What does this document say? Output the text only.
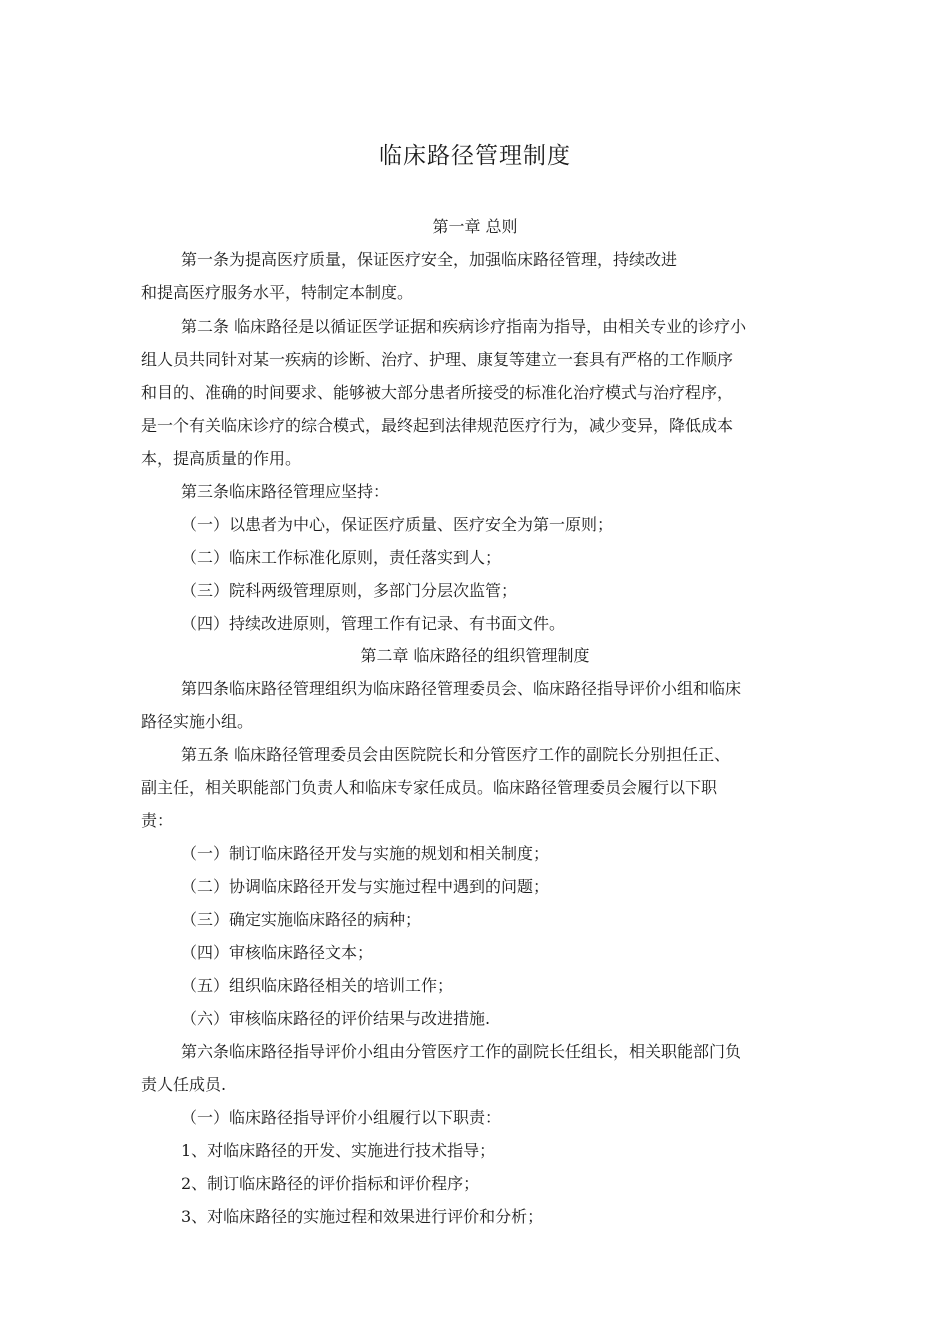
临床路径管理制度
第一章 总则
第一条为提高医疗质量，保证医疗安全，加强临床路径管理，持续改进
和提高医疗服务水平，特制定本制度。
第二条 临床路径是以循证医学证据和疾病诊疗指南为指导，由相关专业的诊疗小
组人员共同针对某一疾病的诊断、治疗、护理、康复等建立一套具有严格的工作顺序
和目的、准确的时间要求、能够被大部分患者所接受的标准化治疗模式与治疗程序，
是一个有关临床诊疗的综合模式，最终起到法律规范医疗行为，减少变异，降低成本
本，提高质量的作用。
第三条临床路径管理应坚持：
（一）以患者为中心，保证医疗质量、医疗安全为第一原则；
（二）临床工作标准化原则，责任落实到人；
（三）院科两级管理原则，多部门分层次监管；
（四）持续改进原则，管理工作有记录、有书面文件。
第二章 临床路径的组织管理制度
第四条临床路径管理组织为临床路径管理委员会、临床路径指导评价小组和临床
路径实施小组。
第五条 临床路径管理委员会由医院院长和分管医疗工作的副院长分别担任正、
副主任，相关职能部门负责人和临床专家任成员。临床路径管理委员会履行以下职
责：
（一）制订临床路径开发与实施的规划和相关制度；
（二）协调临床路径开发与实施过程中遇到的问题；
（三）确定实施临床路径的病种；
（四）审核临床路径文本；
（五）组织临床路径相关的培训工作；
（六）审核临床路径的评价结果与改进措施.
第六条临床路径指导评价小组由分管医疗工作的副院长任组长，相关职能部门负
责人任成员.
（一）临床路径指导评价小组履行以下职责：
1、对临床路径的开发、实施进行技术指导；
2、制订临床路径的评价指标和评价程序；
3、对临床路径的实施过程和效果进行评价和分析；
